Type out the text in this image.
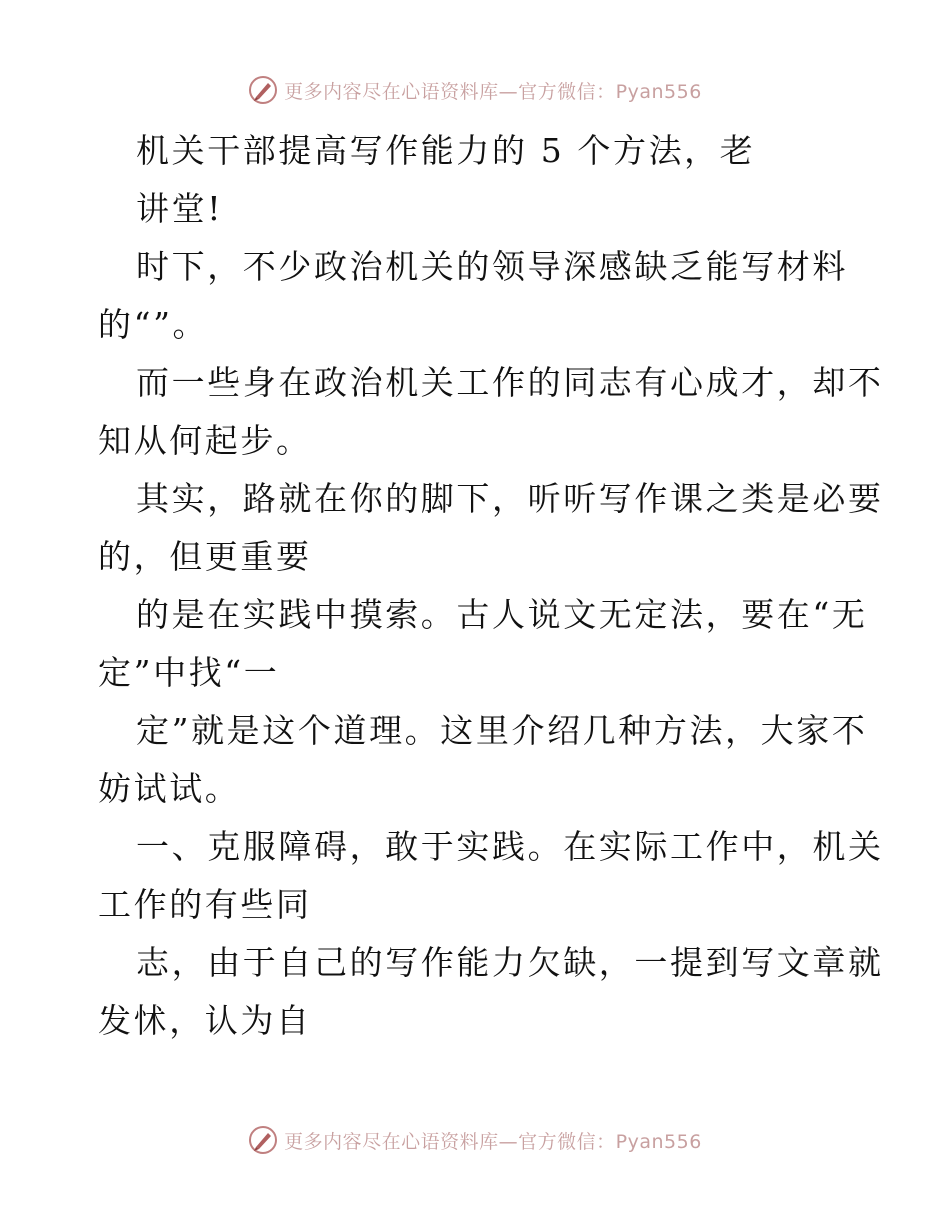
更多内容尽在心语资料库—官方微信：Pyan556
机关干部提高写作能力的 5 个方法，老
讲堂!
时下，不少政治机关的领导深感缺乏能写材料
的“”。
而一些身在政治机关工作的同志有心成才，却不
知从何起步。
其实，路就在你的脚下，听听写作课之类是必要
的，但更重要
的是在实践中摸索。古人说文无定法，要在“无
定”中找“一
定”就是这个道理。这里介绍几种方法，大家不
妨试试。
一、克服障碍，敢于实践。在实际工作中，机关
工作的有些同
志，由于自己的写作能力欠缺，一提到写文章就
发怵，认为自
更多内容尽在心语资料库—官方微信：Pyan556
